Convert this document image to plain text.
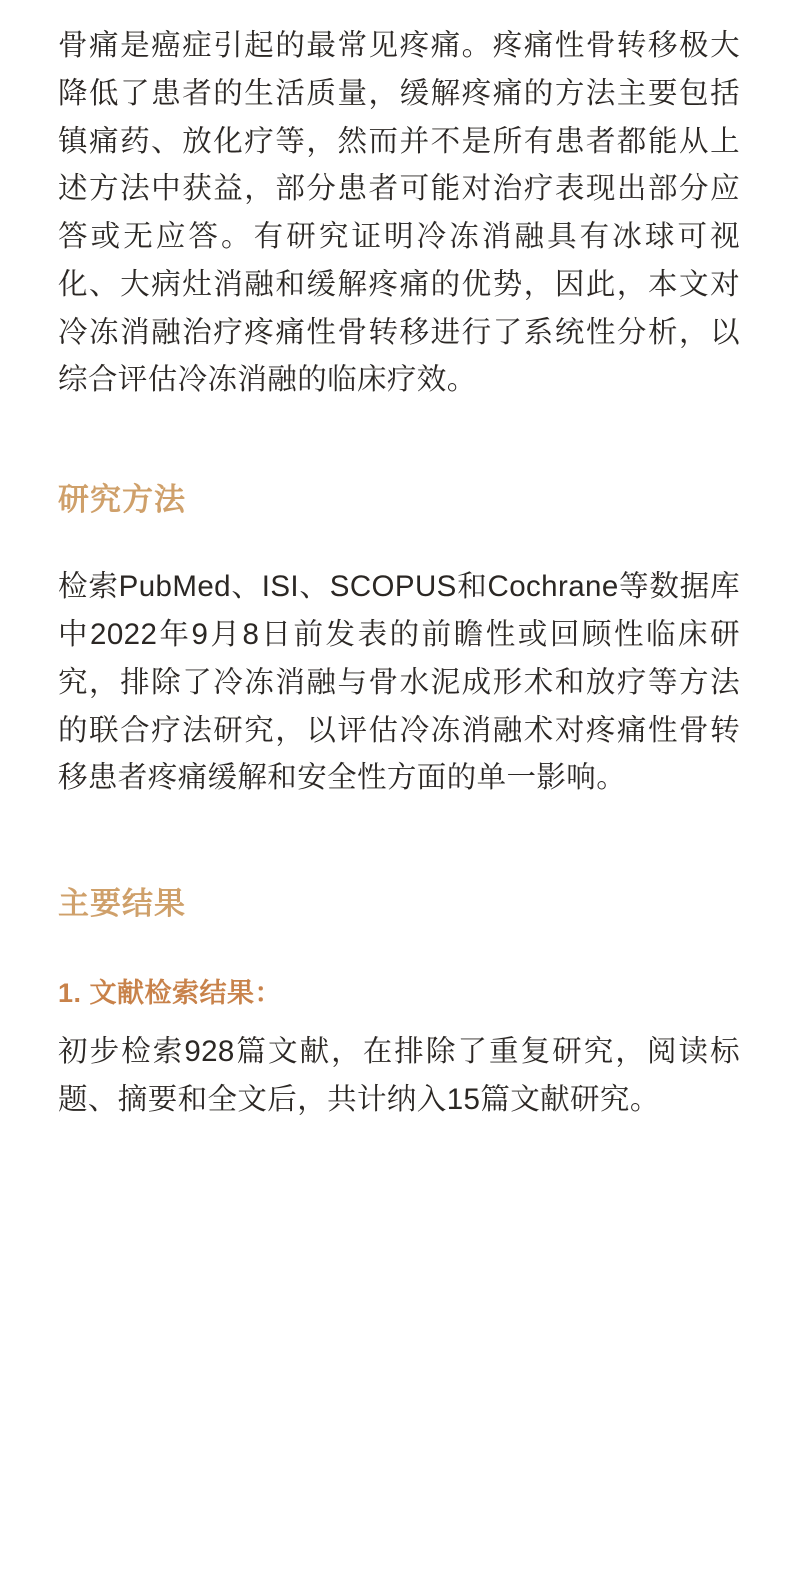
骨痛是癌症引起的最常见疼痛。疼痛性骨转移极大降低了患者的生活质量，缓解疼痛的方法主要包括镇痛药、放化疗等，然而并不是所有患者都能从上述方法中获益，部分患者可能对治疗表现出部分应答或无应答。有研究证明冷冻消融具有冰球可视化、大病灶消融和缓解疼痛的优势，因此，本文对冷冻消融治疗疼痛性骨转移进行了系统性分析，以综合评估冷冻消融的临床疗效。

研究方法

检索PubMed、ISI、SCOPUS和Cochrane等数据库中2022年9月8日前发表的前瞻性或回顾性临床研究，排除了冷冻消融与骨水泥成形术和放疗等方法的联合疗法研究，以评估冷冻消融术对疼痛性骨转移患者疼痛缓解和安全性方面的单一影响。

主要结果
1. 文献检索结果：

初步检索928篇文献，在排除了重复研究，阅读标题、摘要和全文后，共计纳入15篇文献研究。
